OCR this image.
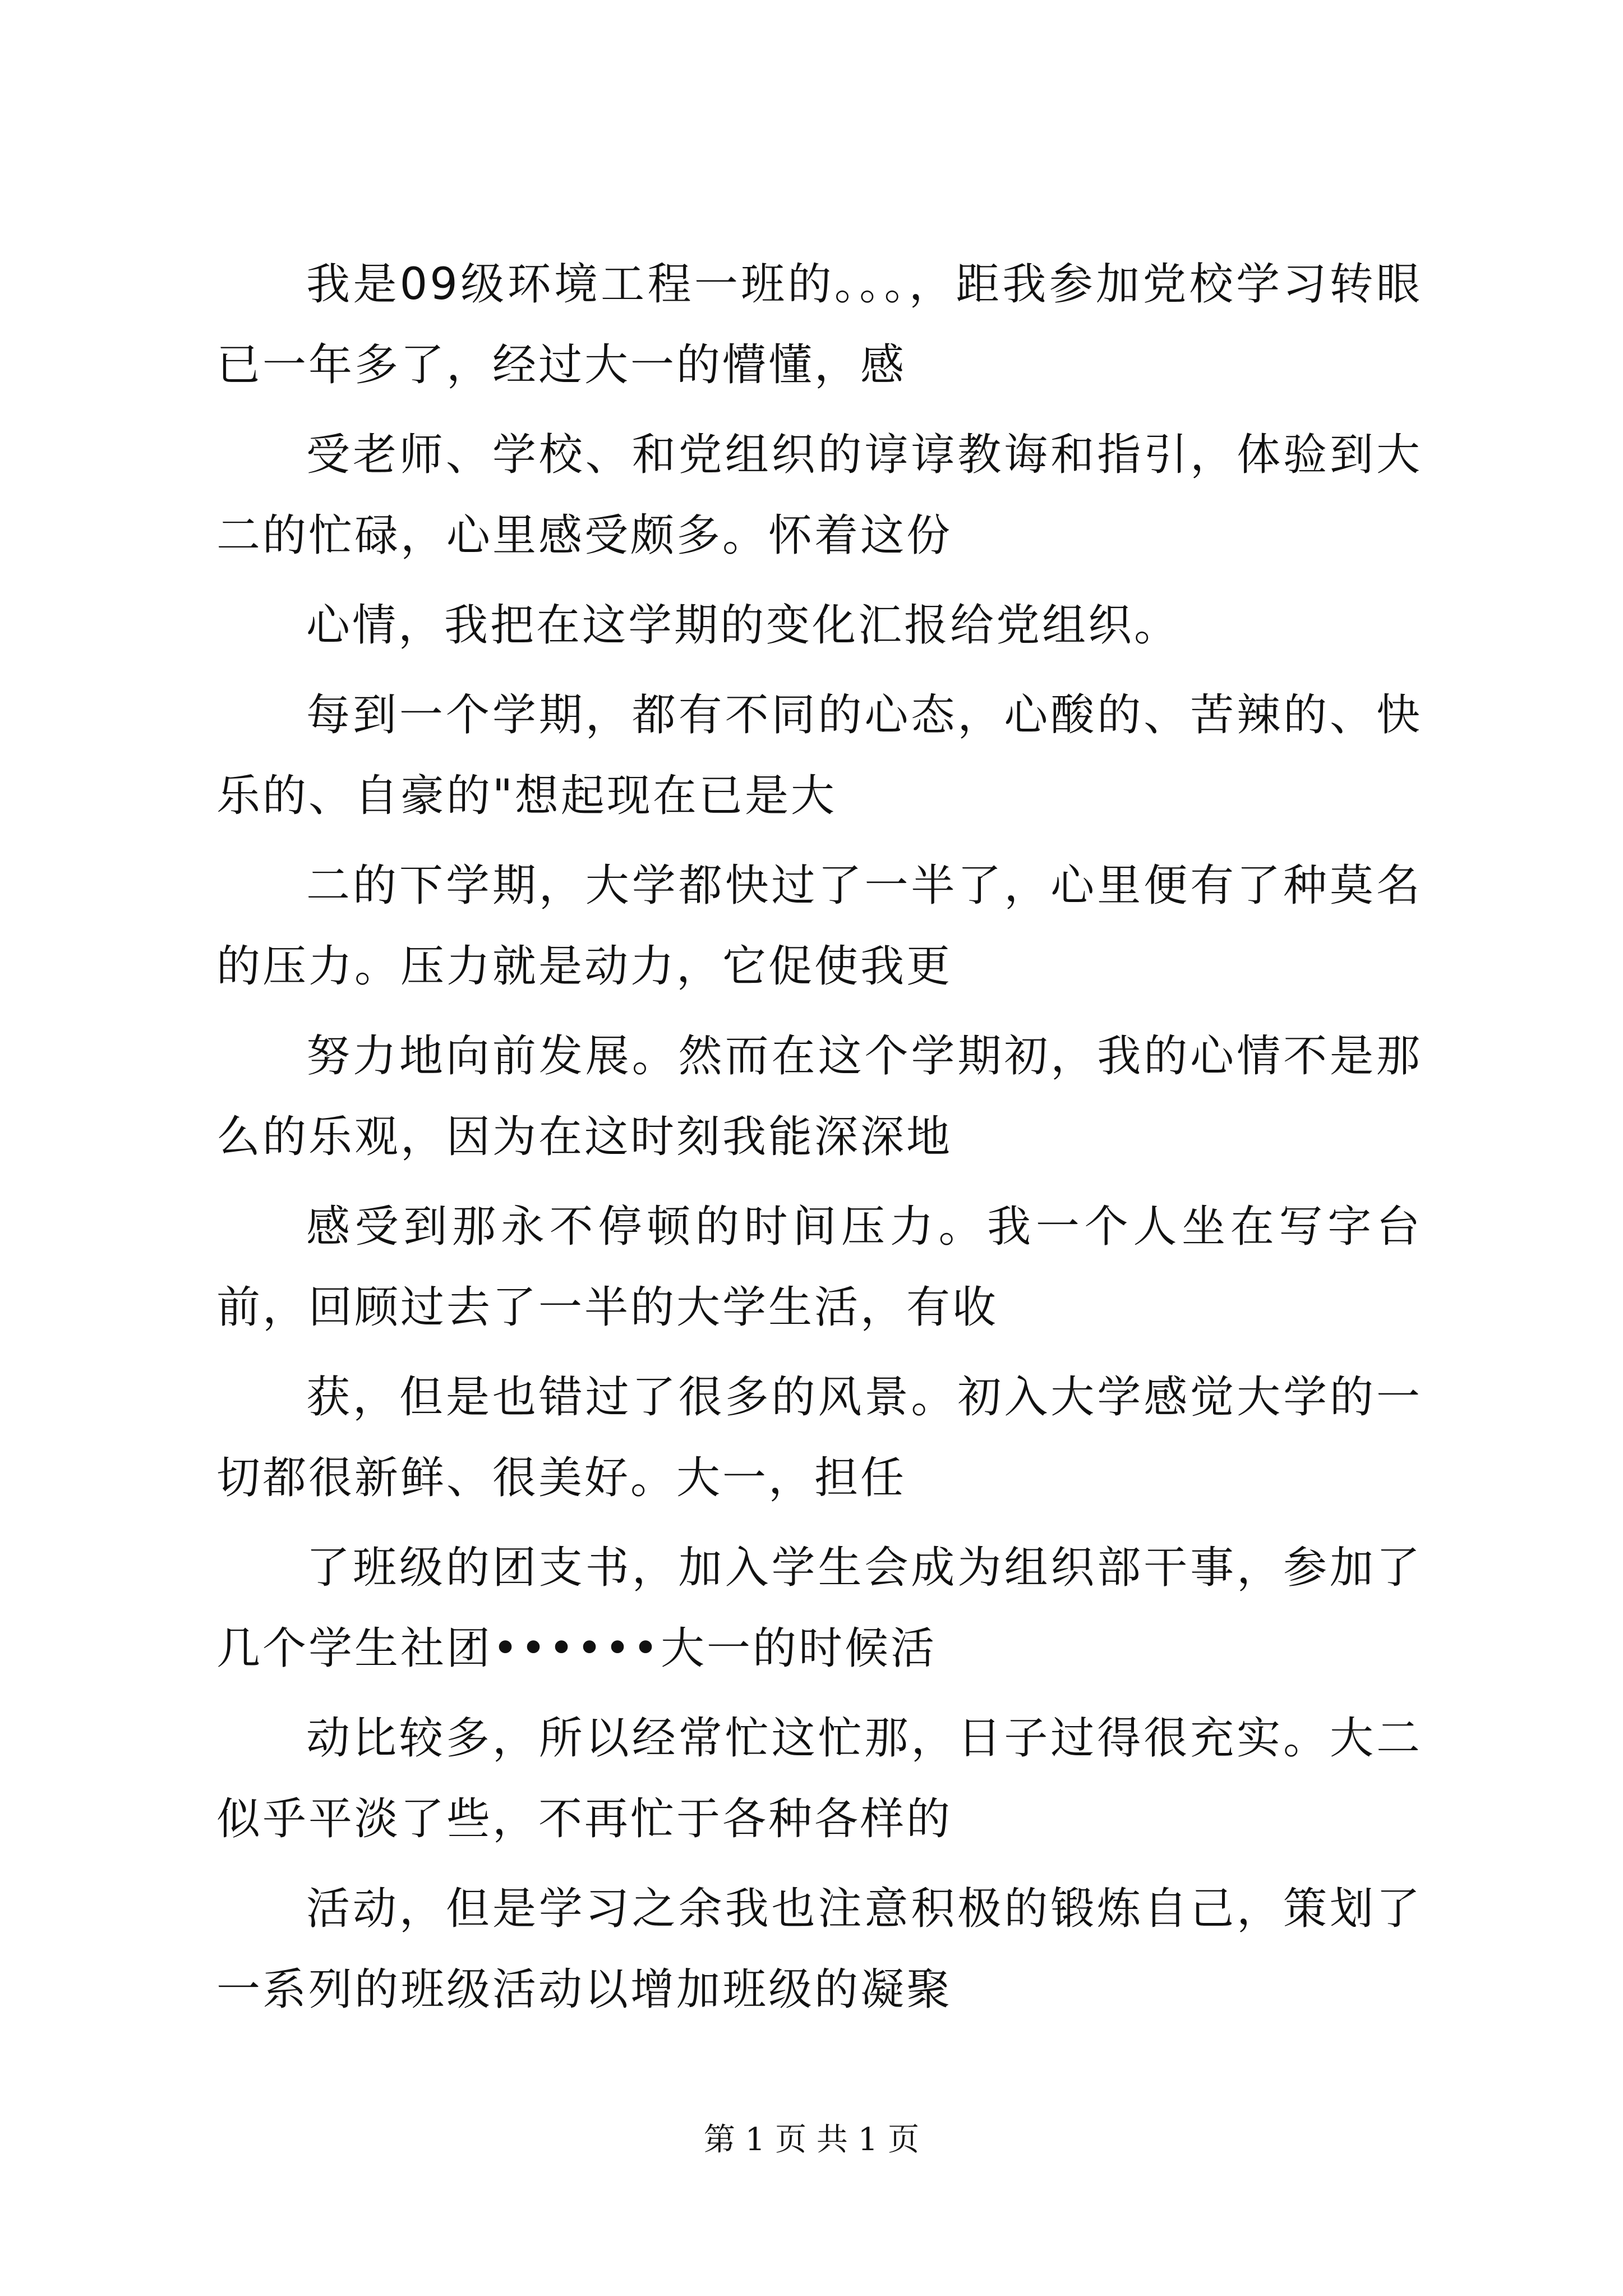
我是09级环境工程一班的。。。，距我参加党校学习转眼已一年多了，经过大一的懵懂，感

受老师、学校、和党组织的谆谆教诲和指引，体验到大二的忙碌，心里感受颇多。怀着这份

心情，我把在这学期的变化汇报给党组织。

每到一个学期，都有不同的心态，心酸的、苦辣的、快乐的、自豪的"想起现在已是大

二的下学期，大学都快过了一半了，心里便有了种莫名的压力。压力就是动力，它促使我更

努力地向前发展。然而在这个学期初，我的心情不是那么的乐观，因为在这时刻我能深深地

感受到那永不停顿的时间压力。我一个人坐在写字台前，回顾过去了一半的大学生活，有收

获，但是也错过了很多的风景。初入大学感觉大学的一切都很新鲜、很美好。大一，担任

了班级的团支书，加入学生会成为组织部干事，参加了几个学生社团••••••大一的时候活

动比较多，所以经常忙这忙那，日子过得很充实。大二似乎平淡了些，不再忙于各种各样的

活动，但是学习之余我也注意积极的锻炼自己，策划了一系列的班级活动以增加班级的凝聚

第 1 页 共 1 页
